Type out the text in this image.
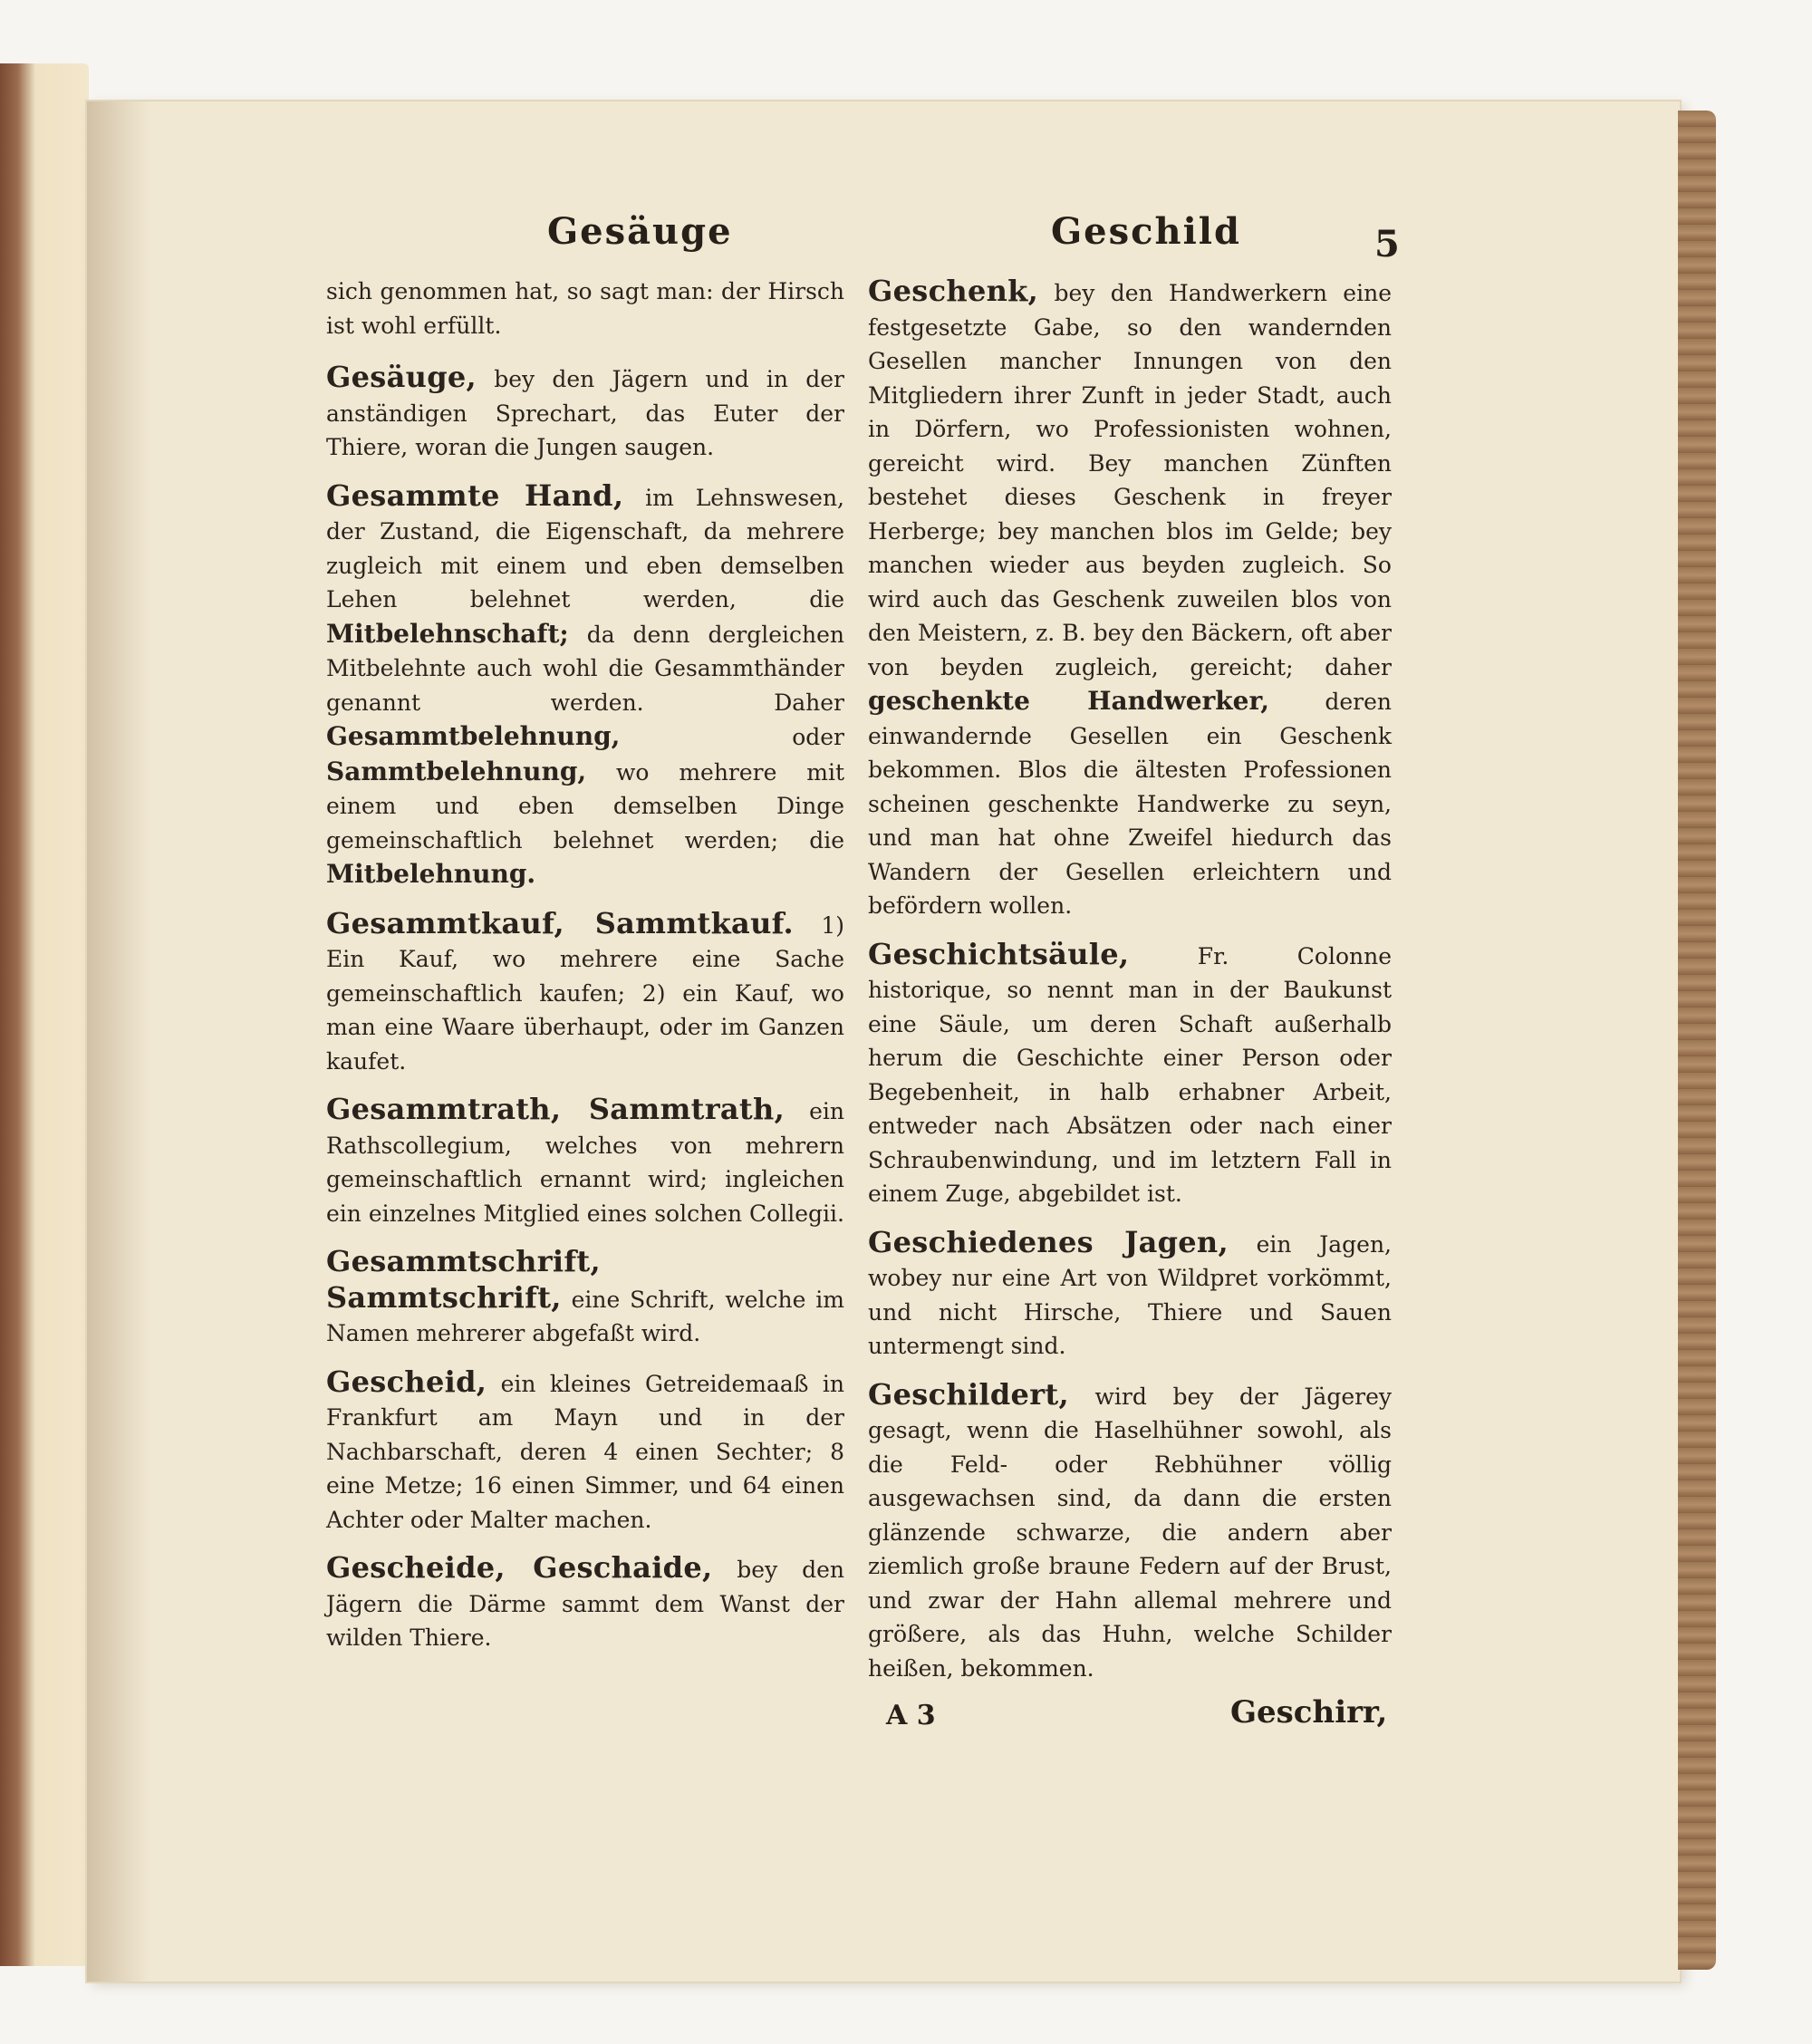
Gesäuge	Geschild	5

sich genommen hat, so sagt man: der Hirsch ist wohl erfüllt.

Gesäuge, bey den Jägern und in der anständigen Sprechart, das Euter der Thiere, woran die Jungen saugen.

Gesammte Hand, im Lehnswesen, der Zustand, die Eigenschaft, da mehrere zugleich mit einem und eben demselben Lehen belehnet werden, die Mitbelehnschaft; da denn dergleichen Mitbelehnte auch wohl die Gesammthänder genannt werden. Daher Gesammtbelehnung,	oder Sammtbelehnung, wo mehrere mit einem und eben demselben Dinge gemeinschaftlich belehnet werden; die Mitbelehnung.

Gesammtkauf, Sammtkauf. 1) Ein Kauf, wo mehrere eine Sache gemeinschaftlich kaufen; 2) ein Kauf, wo man eine Waare überhaupt, oder im Ganzen kaufet.

Gesammtrath, Sammtrath, ein Rathscollegium, welches von mehrern gemeinschaftlich ernannt wird; ingleichen ein einzelnes Mitglied eines solchen Collegii.

Gesammtschrift, Sammtschrift, eine Schrift, welche im Namen mehrerer abgefaßt wird.

Gescheid, ein kleines Getreidemaaß in Frankfurt am Mayn und in der Nachbarschaft, deren 4 einen Sechter; 8 eine Metze; 16 einen Simmer, und 64 einen Achter oder Malter machen.

Gescheide, Geschaide, bey den Jägern die Därme sammt dem Wanst der wilden Thiere.

Geschenk, bey den Handwerkern eine festgesetzte Gabe, so den wandernden Gesellen mancher Innungen von den Mitgliedern ihrer Zunft in jeder Stadt, auch in Dörfern, wo Professionisten wohnen, gereicht wird. Bey manchen Zünften bestehet dieses Geschenk in freyer Herberge; bey manchen blos im Gelde; bey manchen wieder aus beyden zugleich. So wird auch das Geschenk zuweilen blos von den Meistern, z. B. bey den Bäckern, oft aber von beyden zugleich, gereicht; daher geschenkte Handwerker, deren einwandernde Gesellen ein Geschenk bekommen. Blos die ältesten Professionen scheinen geschenkte Handwerke zu seyn, und man hat ohne Zweifel hiedurch das Wandern der Gesellen erleichtern und befördern wollen.

Geschichtsäule,	Fr. Colonne historique, so nennt man in der Baukunst eine Säule, um deren Schaft außerhalb herum die Geschichte einer Person oder Begebenheit, in halb erhabner Arbeit, entweder nach Absätzen oder nach einer Schraubenwindung, und im letztern Fall in einem Zuge, abgebildet ist.

Geschiedenes Jagen, ein Jagen, wobey nur eine Art von Wildpret vorkömmt, und nicht Hirsche, Thiere und Sauen untermengt sind.

Geschildert, wird bey der Jägerey gesagt, wenn die Haselhühner sowohl, als die Feld- oder Rebhühner völlig ausgewachsen sind, da dann die ersten glänzende schwarze, die andern aber ziemlich große braune Federn auf der Brust, und zwar der Hahn allemal mehrere und größere, als das Huhn, welche Schilder heißen, bekommen.

A 3	Geschirr,
